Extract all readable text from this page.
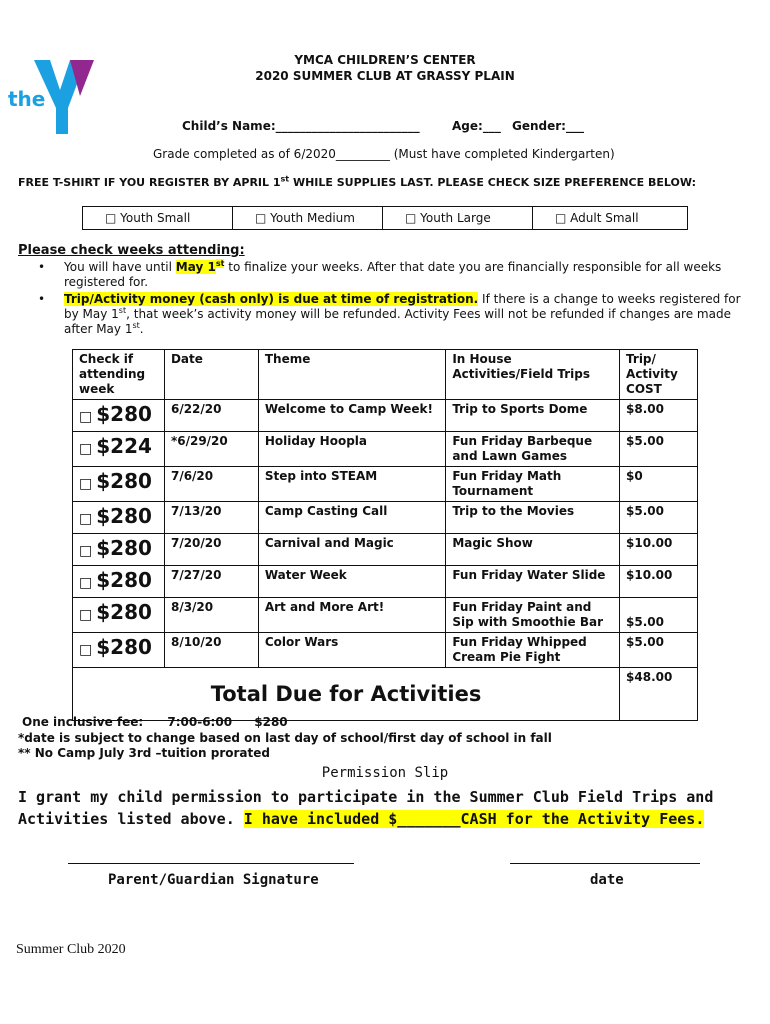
the
YMCA
YMCA CHILDREN’S CENTER
2020 SUMMER CLUB AT GRASSY PLAIN
Child’s Name:________________________	Age:___ Gender:___
Grade completed as of 6/2020_________ (Must have completed Kindergarten)
FREE T-SHIRT IF YOU REGISTER BY APRIL 1st WHILE SUPPLIES LAST. PLEASE CHECK SIZE PREFERENCE BELOW:
□ Youth Small	□ Youth Medium	□ Youth Large	□ Adult Small
Please check weeks attending:
• You will have until May 1st to finalize your weeks. After that date you are financially responsible for all weeks registered for.
• Trip/Activity money (cash only) is due at time of registration. If there is a change to weeks registered for by May 1st, that week’s activity money will be refunded. Activity Fees will not be refunded if changes are made after May 1st.
Check if attending week	Date	Theme	In House Activities/Field Trips	Trip/ Activity COST
□ $280	6/22/20	Welcome to Camp Week!	Trip to Sports Dome	$8.00
□ $224	*6/29/20	Holiday Hoopla	Fun Friday Barbeque and Lawn Games	$5.00
□ $280	7/6/20	Step into STEAM	Fun Friday Math Tournament	$0
□ $280	7/13/20	Camp Casting Call	Trip to the Movies	$5.00
□ $280	7/20/20	Carnival and Magic	Magic Show	$10.00
□ $280	7/27/20	Water Week	Fun Friday Water Slide	$10.00
□ $280	8/3/20	Art and More Art!	Fun Friday Paint and Sip with Smoothie Bar	$5.00
□ $280	8/10/20	Color Wars	Fun Friday Whipped Cream Pie Fight	$5.00
Total Due for Activities				$48.00
One inclusive fee: 7:00-6:00 $280
*date is subject to change based on last day of school/first day of school in fall
** No Camp July 3rd –tuition prorated
Permission Slip
I grant my child permission to participate in the Summer Club Field Trips and Activities listed above. I have included $_______CASH for the Activity Fees.
Parent/Guardian Signature	date
Summer Club 2020
